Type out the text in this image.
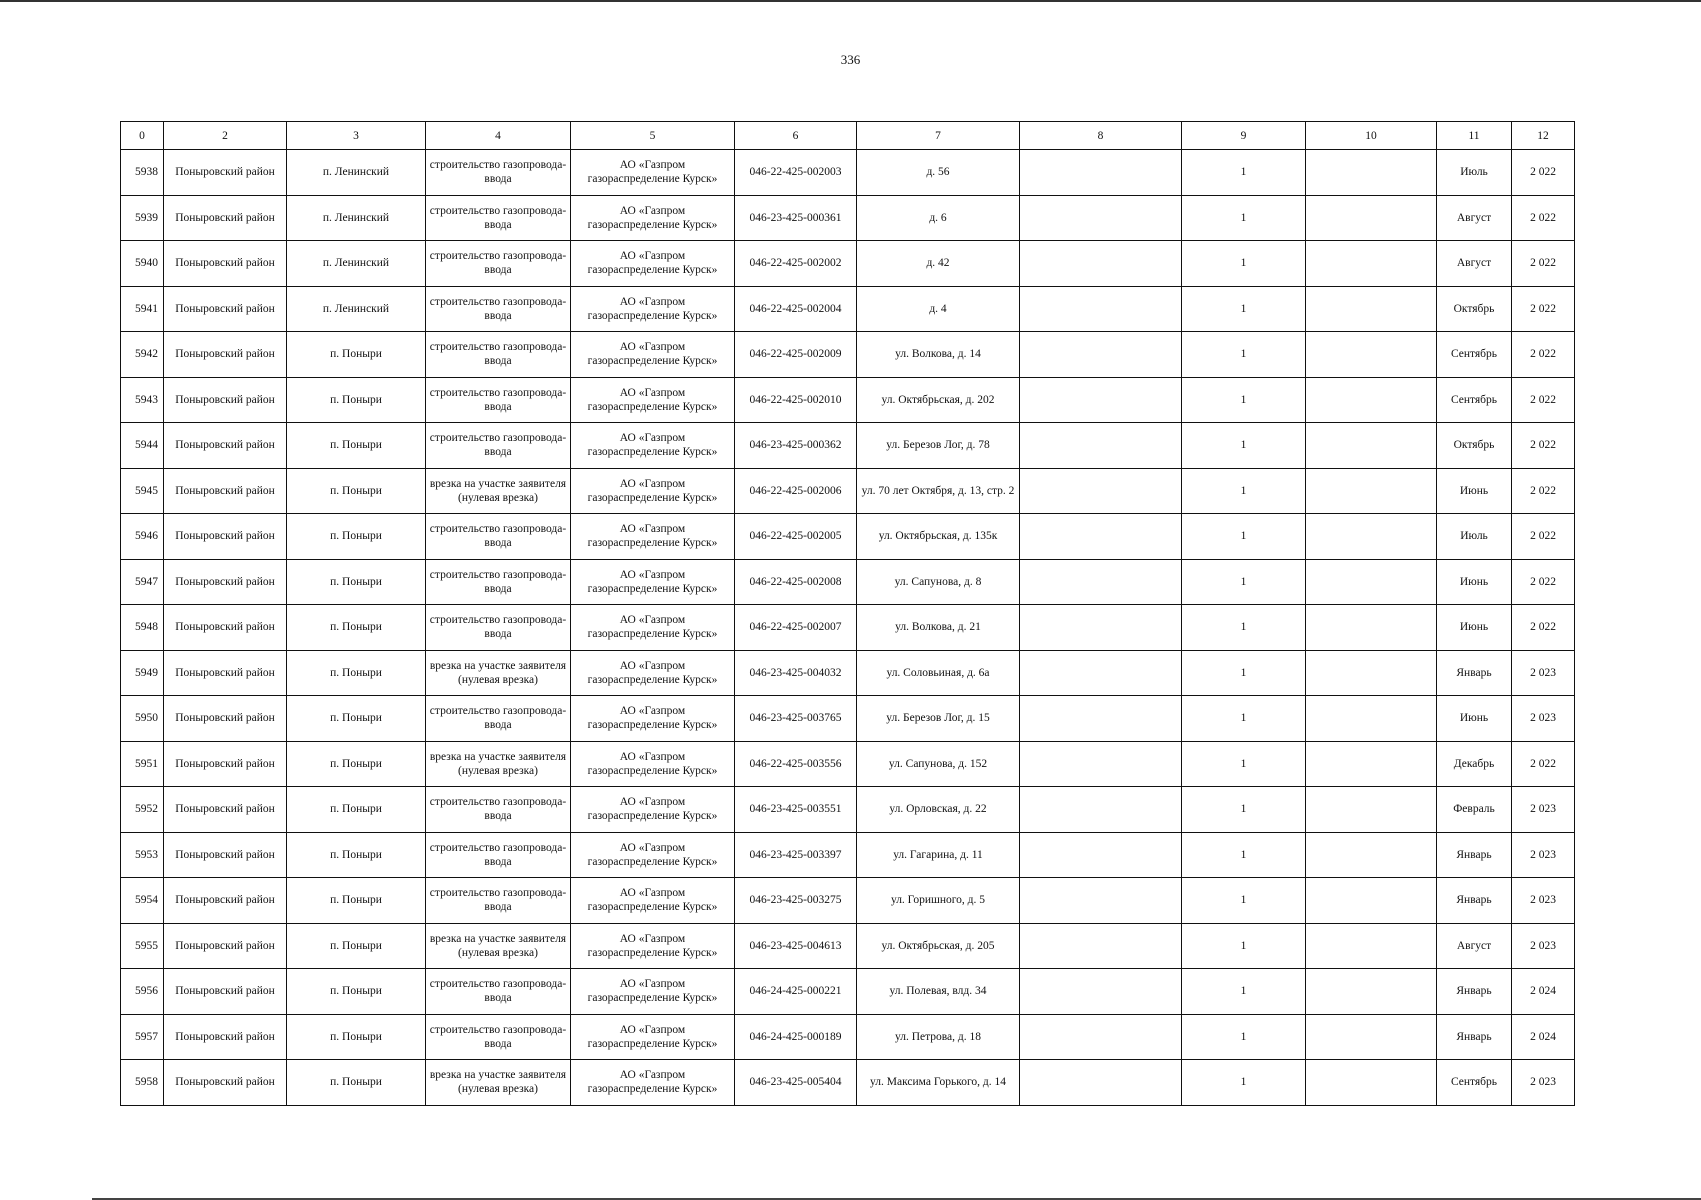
336
0	2	3	4	5	6	7	8	9	10	11	12
5938	Поныровский район	п. Ленинский	строительство газопровода-ввода	АО «Газпром газораспределение Курск»	046-22-425-002003	д. 56		1		Июль	2 022
5939	Поныровский район	п. Ленинский	строительство газопровода-ввода	АО «Газпром газораспределение Курск»	046-23-425-000361	д. 6		1		Август	2 022
5940	Поныровский район	п. Ленинский	строительство газопровода-ввода	АО «Газпром газораспределение Курск»	046-22-425-002002	д. 42		1		Август	2 022
5941	Поныровский район	п. Ленинский	строительство газопровода-ввода	АО «Газпром газораспределение Курск»	046-22-425-002004	д. 4		1		Октябрь	2 022
5942	Поныровский район	п. Поныри	строительство газопровода-ввода	АО «Газпром газораспределение Курск»	046-22-425-002009	ул. Волкова, д. 14		1		Сентябрь	2 022
5943	Поныровский район	п. Поныри	строительство газопровода-ввода	АО «Газпром газораспределение Курск»	046-22-425-002010	ул. Октябрьская, д. 202		1		Сентябрь	2 022
5944	Поныровский район	п. Поныри	строительство газопровода-ввода	АО «Газпром газораспределение Курск»	046-23-425-000362	ул. Березов Лог, д. 78		1		Октябрь	2 022
5945	Поныровский район	п. Поныри	врезка на участке заявителя (нулевая врезка)	АО «Газпром газораспределение Курск»	046-22-425-002006	ул. 70 лет Октября, д. 13, стр. 2		1		Июнь	2 022
5946	Поныровский район	п. Поныри	строительство газопровода-ввода	АО «Газпром газораспределение Курск»	046-22-425-002005	ул. Октябрьская, д. 135к		1		Июль	2 022
5947	Поныровский район	п. Поныри	строительство газопровода-ввода	АО «Газпром газораспределение Курск»	046-22-425-002008	ул. Сапунова, д. 8		1		Июнь	2 022
5948	Поныровский район	п. Поныри	строительство газопровода-ввода	АО «Газпром газораспределение Курск»	046-22-425-002007	ул. Волкова, д. 21		1		Июнь	2 022
5949	Поныровский район	п. Поныри	врезка на участке заявителя (нулевая врезка)	АО «Газпром газораспределение Курск»	046-23-425-004032	ул. Соловьиная, д. 6а		1		Январь	2 023
5950	Поныровский район	п. Поныри	строительство газопровода-ввода	АО «Газпром газораспределение Курск»	046-23-425-003765	ул. Березов Лог, д. 15		1		Июнь	2 023
5951	Поныровский район	п. Поныри	врезка на участке заявителя (нулевая врезка)	АО «Газпром газораспределение Курск»	046-22-425-003556	ул. Сапунова, д. 152		1		Декабрь	2 022
5952	Поныровский район	п. Поныри	строительство газопровода-ввода	АО «Газпром газораспределение Курск»	046-23-425-003551	ул. Орловская, д. 22		1		Февраль	2 023
5953	Поныровский район	п. Поныри	строительство газопровода-ввода	АО «Газпром газораспределение Курск»	046-23-425-003397	ул. Гагарина, д. 11		1		Январь	2 023
5954	Поныровский район	п. Поныри	строительство газопровода-ввода	АО «Газпром газораспределение Курск»	046-23-425-003275	ул. Горишного, д. 5		1		Январь	2 023
5955	Поныровский район	п. Поныри	врезка на участке заявителя (нулевая врезка)	АО «Газпром газораспределение Курск»	046-23-425-004613	ул. Октябрьская, д. 205		1		Август	2 023
5956	Поныровский район	п. Поныри	строительство газопровода-ввода	АО «Газпром газораспределение Курск»	046-24-425-000221	ул. Полевая, влд. 34		1		Январь	2 024
5957	Поныровский район	п. Поныри	строительство газопровода-ввода	АО «Газпром газораспределение Курск»	046-24-425-000189	ул. Петрова, д. 18		1		Январь	2 024
5958	Поныровский район	п. Поныри	врезка на участке заявителя (нулевая врезка)	АО «Газпром газораспределение Курск»	046-23-425-005404	ул. Максима Горького, д. 14		1		Сентябрь	2 023
